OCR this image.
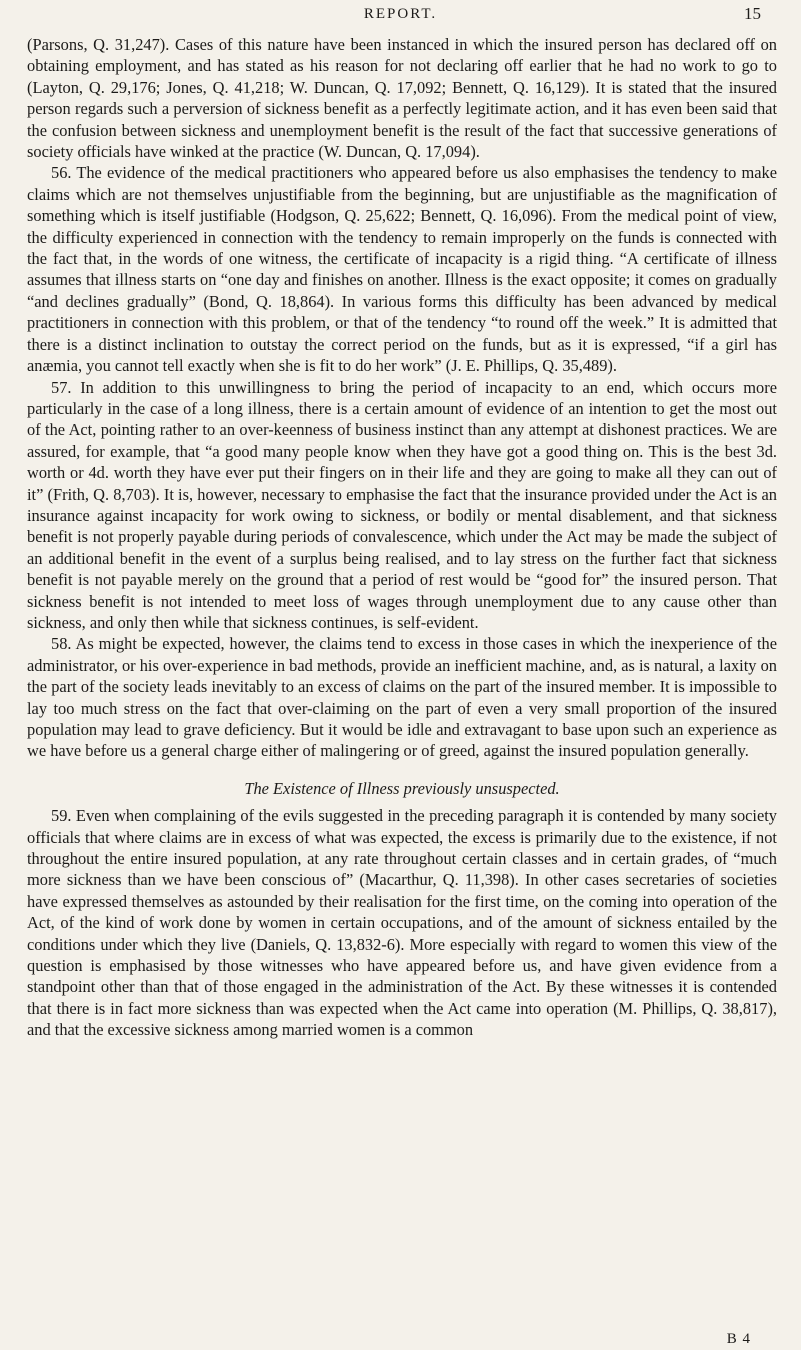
REPORT.	15

(Parsons, Q. 31,247). Cases of this nature have been instanced in which the insured person has declared off on obtaining employment, and has stated as his reason for not declaring off earlier that he had no work to go to (Layton, Q. 29,176; Jones, Q. 41,218; W. Duncan, Q. 17,092; Bennett, Q. 16,129). It is stated that the insured person regards such a perversion of sickness benefit as a perfectly legitimate action, and it has even been said that the confusion between sickness and unemployment benefit is the result of the fact that successive generations of society officials have winked at the practice (W. Duncan, Q. 17,094).

56. The evidence of the medical practitioners who appeared before us also emphasises the tendency to make claims which are not themselves unjustifiable from the beginning, but are unjustifiable as the magnification of something which is itself justifiable (Hodgson, Q. 25,622; Bennett, Q. 16,096). From the medical point of view, the difficulty experienced in connection with the tendency to remain improperly on the funds is connected with the fact that, in the words of one witness, the certificate of incapacity is a rigid thing. “A certificate of illness assumes that illness starts on “one day and finishes on another. Illness is the exact opposite; it comes on gradually “and declines gradually” (Bond, Q. 18,864). In various forms this difficulty has been advanced by medical practitioners in connection with this problem, or that of the tendency “to round off the week.” It is admitted that there is a distinct inclination to outstay the correct period on the funds, but as it is expressed, “if a girl has anæmia, you cannot tell exactly when she is fit to do her work” (J. E. Phillips, Q. 35,489).

57. In addition to this unwillingness to bring the period of incapacity to an end, which occurs more particularly in the case of a long illness, there is a certain amount of evidence of an intention to get the most out of the Act, pointing rather to an over-keenness of business instinct than any attempt at dishonest practices. We are assured, for example, that “a good many people know when they have got a good thing on. This is the best 3d. worth or 4d. worth they have ever put their fingers on in their life and they are going to make all they can out of it” (Frith, Q. 8,703). It is, however, necessary to emphasise the fact that the insurance provided under the Act is an insurance against incapacity for work owing to sickness, or bodily or mental disablement, and that sickness benefit is not properly payable during periods of convalescence, which under the Act may be made the subject of an additional benefit in the event of a surplus being realised, and to lay stress on the further fact that sickness benefit is not payable merely on the ground that a period of rest would be “good for” the insured person. That sickness benefit is not intended to meet loss of wages through unemployment due to any cause other than sickness, and only then while that sickness continues, is self-evident.

58. As might be expected, however, the claims tend to excess in those cases in which the inexperience of the administrator, or his over-experience in bad methods, provide an inefficient machine, and, as is natural, a laxity on the part of the society leads inevitably to an excess of claims on the part of the insured member. It is impossible to lay too much stress on the fact that over-claiming on the part of even a very small proportion of the insured population may lead to grave deficiency. But it would be idle and extravagant to base upon such an experience as we have before us a general charge either of malingering or of greed, against the insured population generally.

The Existence of Illness previously unsuspected.

59. Even when complaining of the evils suggested in the preceding paragraph it is contended by many society officials that where claims are in excess of what was expected, the excess is primarily due to the existence, if not throughout the entire insured population, at any rate throughout certain classes and in certain grades, of “much more sickness than we have been conscious of” (Macarthur, Q. 11,398). In other cases secretaries of societies have expressed themselves as astounded by their realisation for the first time, on the coming into operation of the Act, of the kind of work done by women in certain occupations, and of the amount of sickness entailed by the conditions under which they live (Daniels, Q. 13,832-6). More especially with regard to women this view of the question is emphasised by those witnesses who have appeared before us, and have given evidence from a standpoint other than that of those engaged in the administration of the Act. By these witnesses it is contended that there is in fact more sickness than was expected when the Act came into operation (M. Phillips, Q. 38,817), and that the excessive sickness among married women is a common

B 4
